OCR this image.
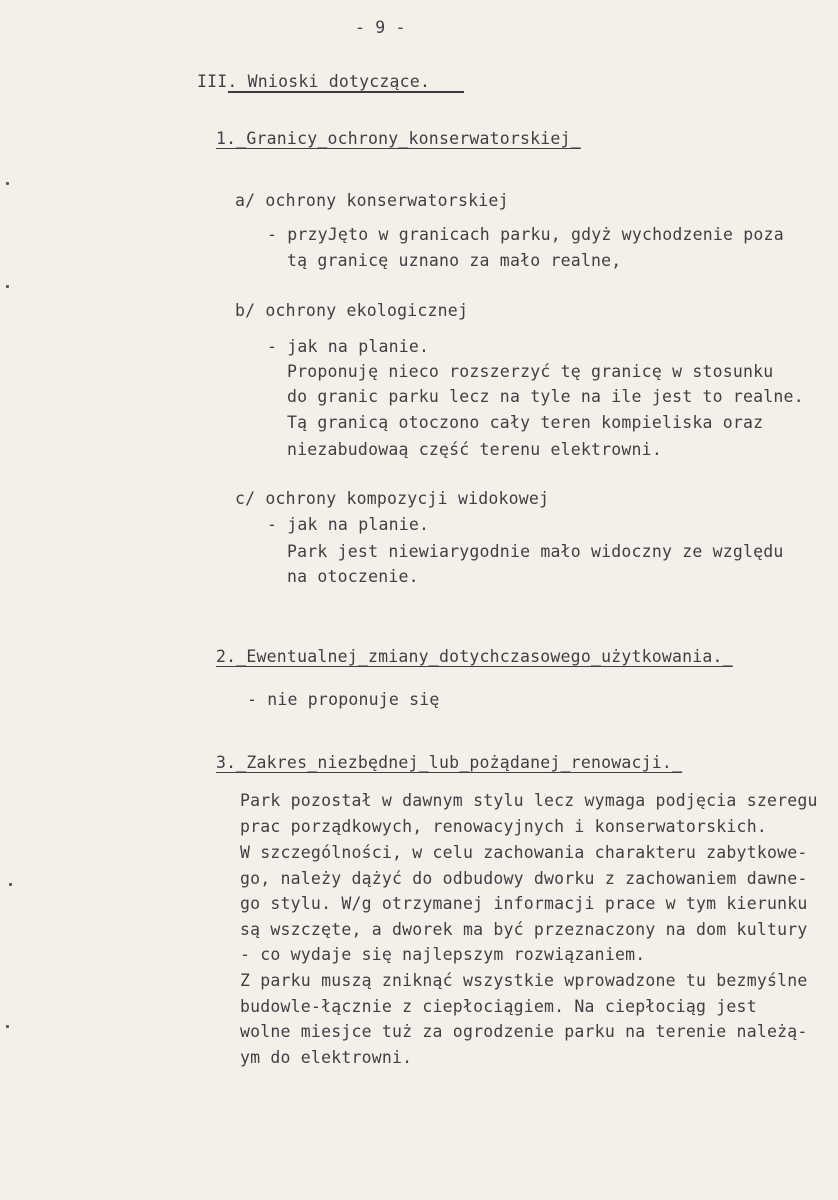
- 9 -
III. Wnioski dotyczące.
1._Granicy_ochrony_konserwatorskiej_
a/ ochrony konserwatorskiej
- przyJęto w granicach parku, gdyż wychodzenie poza
tą granicę uznano za mało realne,
b/ ochrony ekologicznej
- jak na planie.
Proponuję nieco rozszerzyć tę granicę w stosunku
do granic parku lecz na tyle na ile jest to realne.
Tą granicą otoczono cały teren kompieliska oraz
niezabudowaą część terenu elektrowni.
c/ ochrony kompozycji widokowej
- jak na planie.
Park jest niewiarygodnie mało widoczny ze względu
na otoczenie.
2._Ewentualnej_zmiany_dotychczasowego_użytkowania._
- nie proponuje się
3._Zakres_niezbędnej_lub_pożądanej_renowacji._
Park pozostał w dawnym stylu lecz wymaga podjęcia szeregu
prac porządkowych, renowacyjnych i konserwatorskich.
W szczególności, w celu zachowania charakteru zabytkowe-
go, należy dążyć do odbudowy dworku z zachowaniem dawne-
go stylu. W/g otrzymanej informacji prace w tym kierunku
są wszczęte, a dworek ma być przeznaczony na dom kultury
- co wydaje się najlepszym rozwiązaniem.
Z parku muszą zniknąć wszystkie wprowadzone tu bezmyślne
budowle-łącznie z ciepłociągiem. Na ciepłociąg jest
wolne miesjce tuż za ogrodzenie parku na terenie należą-
ym do elektrowni.
